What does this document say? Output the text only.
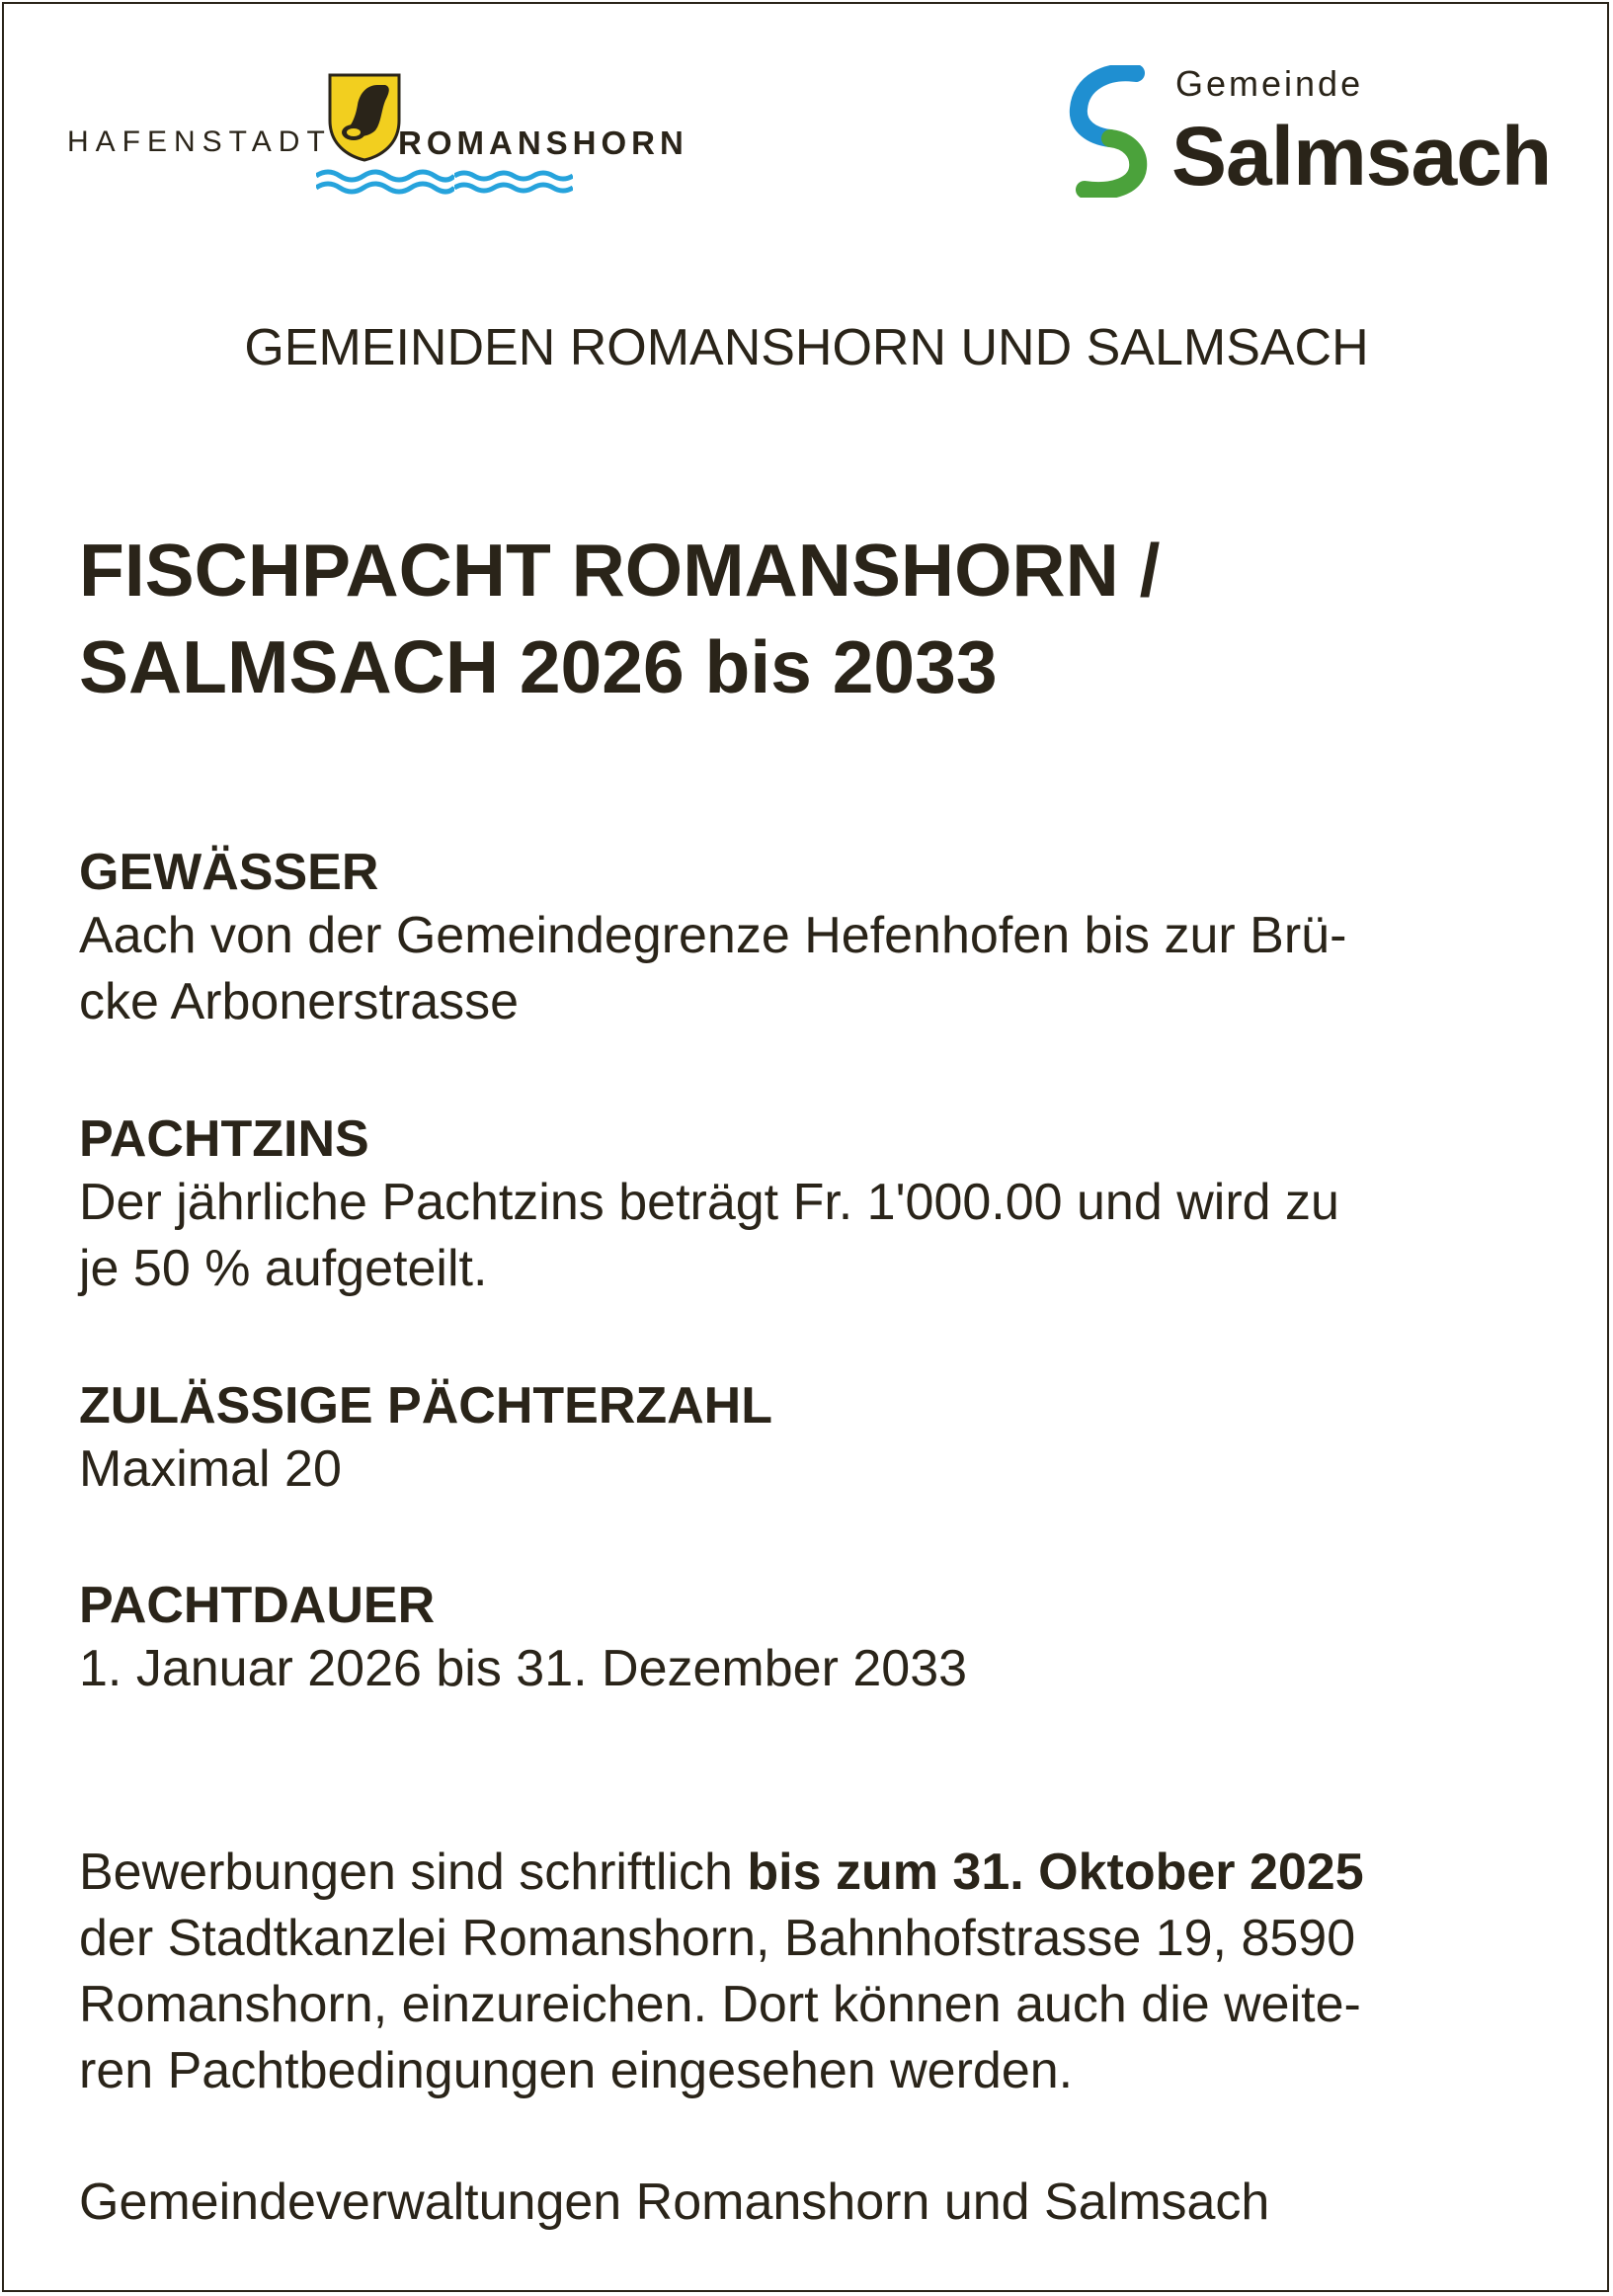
HAFENSTADT ROMANSHORN
Gemeinde
Salmsach
GEMEINDEN ROMANSHORN UND SALMSACH
FISCHPACHT ROMANSHORN /
SALMSACH 2026 bis 2033
GEWÄSSER

Aach von der Gemeindegrenze Hefenhofen bis zur Brü-
cke Arbonerstrasse

PACHTZINS

Der jährliche Pachtzins beträgt Fr. 1'000.00 und wird zu
je 50 % aufgeteilt.

ZULÄSSIGE PÄCHTERZAHL

Maximal 20

PACHTDAUER

1. Januar 2026 bis 31. Dezember 2033

Bewerbungen sind schriftlich bis zum 31. Oktober 2025
der Stadtkanzlei Romanshorn, Bahnhofstrasse 19, 8590
Romanshorn, einzureichen. Dort können auch die weite-
ren Pachtbedingungen eingesehen werden.

Gemeindeverwaltungen Romanshorn und Salmsach
